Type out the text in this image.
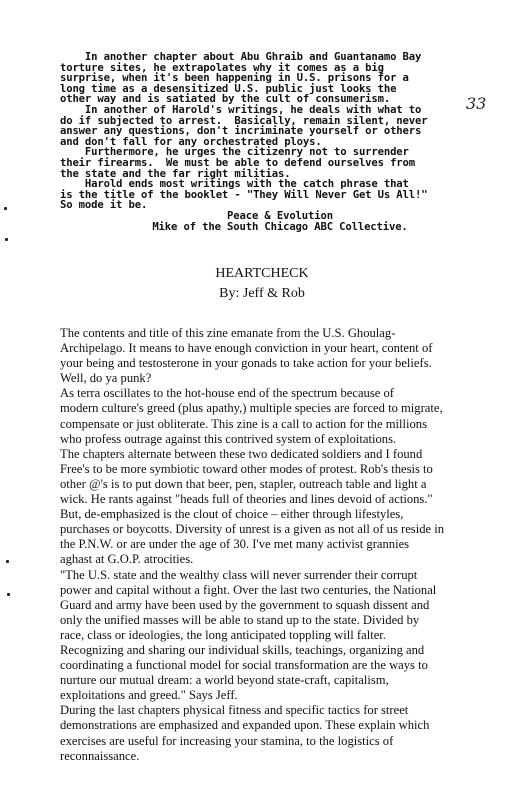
In another chapter about Abu Ghraib and Guantanamo Bay
torture sites, he extrapolates why it comes as a big
surprise, when it's been happening in U.S. prisons for a
long time as a desensitized U.S. public just looks the
other way and is satiated by the cult of consumerism.
In another of Harold's writings, he deals with what to
do if subjected to arrest.  Basically, remain silent, never
answer any questions, don't incriminate yourself or others
and don't fall for any orchestrated ploys.
Furthermore, he urges the citizenry not to surrender
their firearms.  We must be able to defend ourselves from
the state and the far right militias.
Harold ends most writings with the catch phrase that
is the title of the booklet - "They Will Never Get Us All!"
So mode it be.
Peace & Evolution
Mike of the South Chicago ABC Collective.
33
HEARTCHECK
By: Jeff & Rob
The contents and title of this zine emanate from the U.S. Ghoulag-
Archipelago. It means to have enough conviction in your heart, content of
your being and testosterone in your gonads to take action for your beliefs.
Well, do ya punk?
As terra oscillates to the hot-house end of the spectrum because of
modern culture's greed (plus apathy,) multiple species are forced to migrate,
compensate or just obliterate. This zine is a call to action for the millions
who profess outrage against this contrived system of exploitations.
The chapters alternate between these two dedicated soldiers and I found
Free's to be more symbiotic toward other modes of protest. Rob's thesis to
other @'s is to put down that beer, pen, stapler, outreach table and light a
wick. He rants against "heads full of theories and lines devoid of actions."
But, de-emphasized is the clout of choice – either through lifestyles,
purchases or boycotts. Diversity of unrest is a given as not all of us reside in
the P.N.W. or are under the age of 30. I've met many activist grannies
aghast at G.O.P. atrocities.
"The U.S. state and the wealthy class will never surrender their corrupt
power and capital without a fight. Over the last two centuries, the National
Guard and army have been used by the government to squash dissent and
only the unified masses will be able to stand up to the state. Divided by
race, class or ideologies, the long anticipated toppling will falter.
Recognizing and sharing our individual skills, teachings, organizing and
coordinating a functional model for social transformation are the ways to
nurture our mutual dream: a world beyond state-craft, capitalism,
exploitations and greed." Says Jeff.
During the last chapters physical fitness and specific tactics for street
demonstrations are emphasized and expanded upon. These explain which
exercises are useful for increasing your stamina, to the logistics of
reconnaissance.
